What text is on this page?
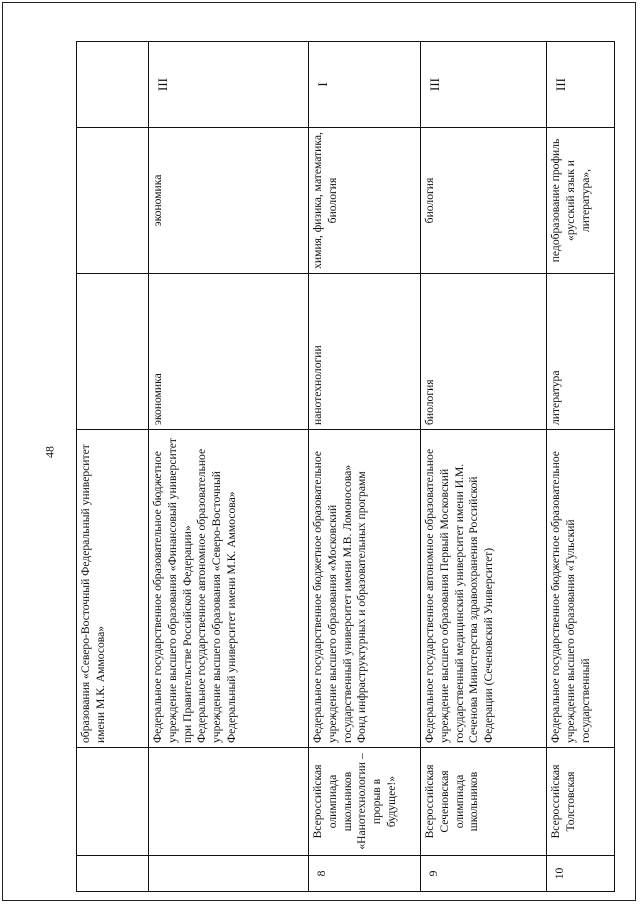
48

		образования «Северо-Восточный Федеральный университет имени М.К. Аммосова»			

		Федеральное государственное образовательное бюджетное учреждение высшего образования «Финансовый университет при Правительстве Российской Федерации» Федеральное государственное автономное образовательное учреждение высшего образования «Северо-Восточный Федеральный университет имени М.К. Аммосова»	экономика	экономика	III
8	Всероссийская олимпиада школьников «Нанотехнологии – прорыв в будущее!»	Федеральное государственное бюджетное образовательное учреждение высшего образования «Московский государственный университет имени М.В. Ломоносова» Фонд инфраструктурных и образовательных программ	нанотехнологии	химия, физика, математика, биология	I
9	Всероссийская Сеченовская олимпиада школьников	Федеральное государственное автономное образовательное учреждение высшего образования Первый Московский государственный медицинский университет имени И.М. Сеченова Министерства здравоохранения Российской Федерации (Сеченовский Университет)	биология	биология	III
10	Всероссийская Толстовская	Федеральное государственное бюджетное образовательное учреждение высшего образования «Тульский государственный	литература	педобразование профиль «русский язык и литература»,	III
